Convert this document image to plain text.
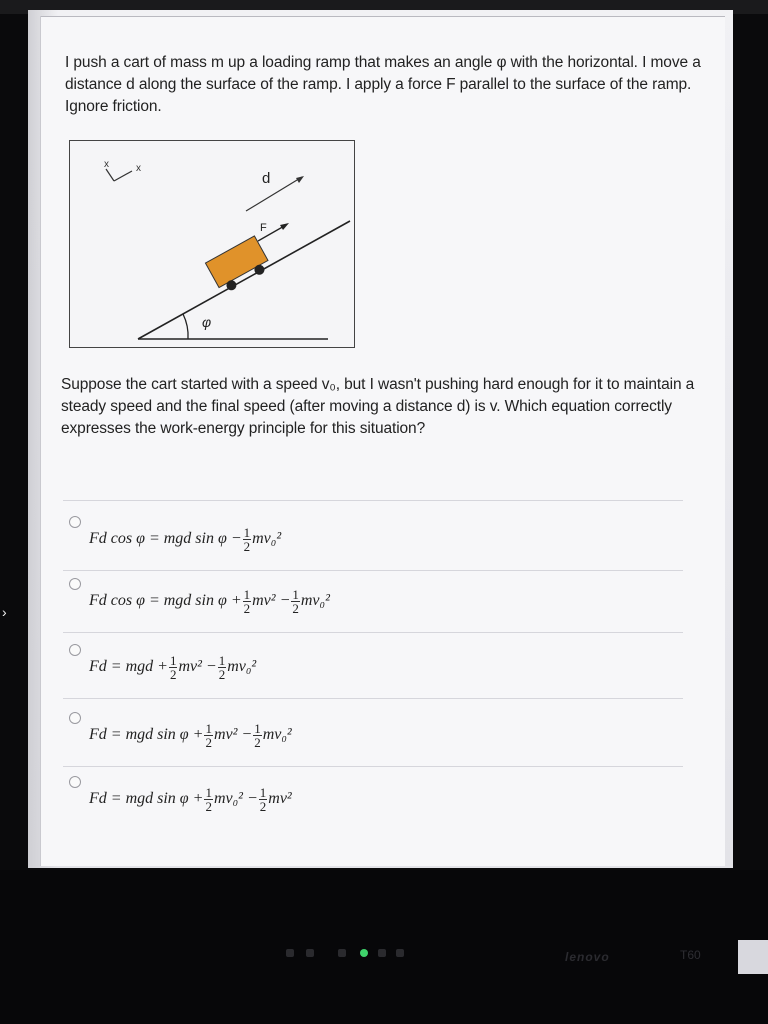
I push a cart of mass m up a loading ramp that makes an angle φ with the horizontal. I move a distance d along the surface of the ramp. I apply a force F parallel to the surface of the ramp. Ignore friction.
x	x
d
φ
F
Suppose the cart started with a speed v₀, but I wasn't pushing hard enough for it to maintain a steady speed and the final speed (after moving a distance d) is v. Which equation correctly expresses the work-energy principle for this situation?
Fd cos φ = mgd $\sin \varphi - \frac{1}{2} mv_0^2$
Fd cos φ = mgd $\sin \varphi + \frac{1}{2} mv^2 - \frac{1}{2} mv_0^2$
Fd = mgd + $\frac{1}{2} mv^2 - \frac{1}{2} mv_0^2$
Fd = mgd $\sin \varphi + \frac{1}{2} mv^2 - \frac{1}{2} mv_0^2$
Fd = mgd $\sin \varphi + \frac{1}{2} mv_0^2 - \frac{1}{2} mv^2$
›
lenovo	T60
